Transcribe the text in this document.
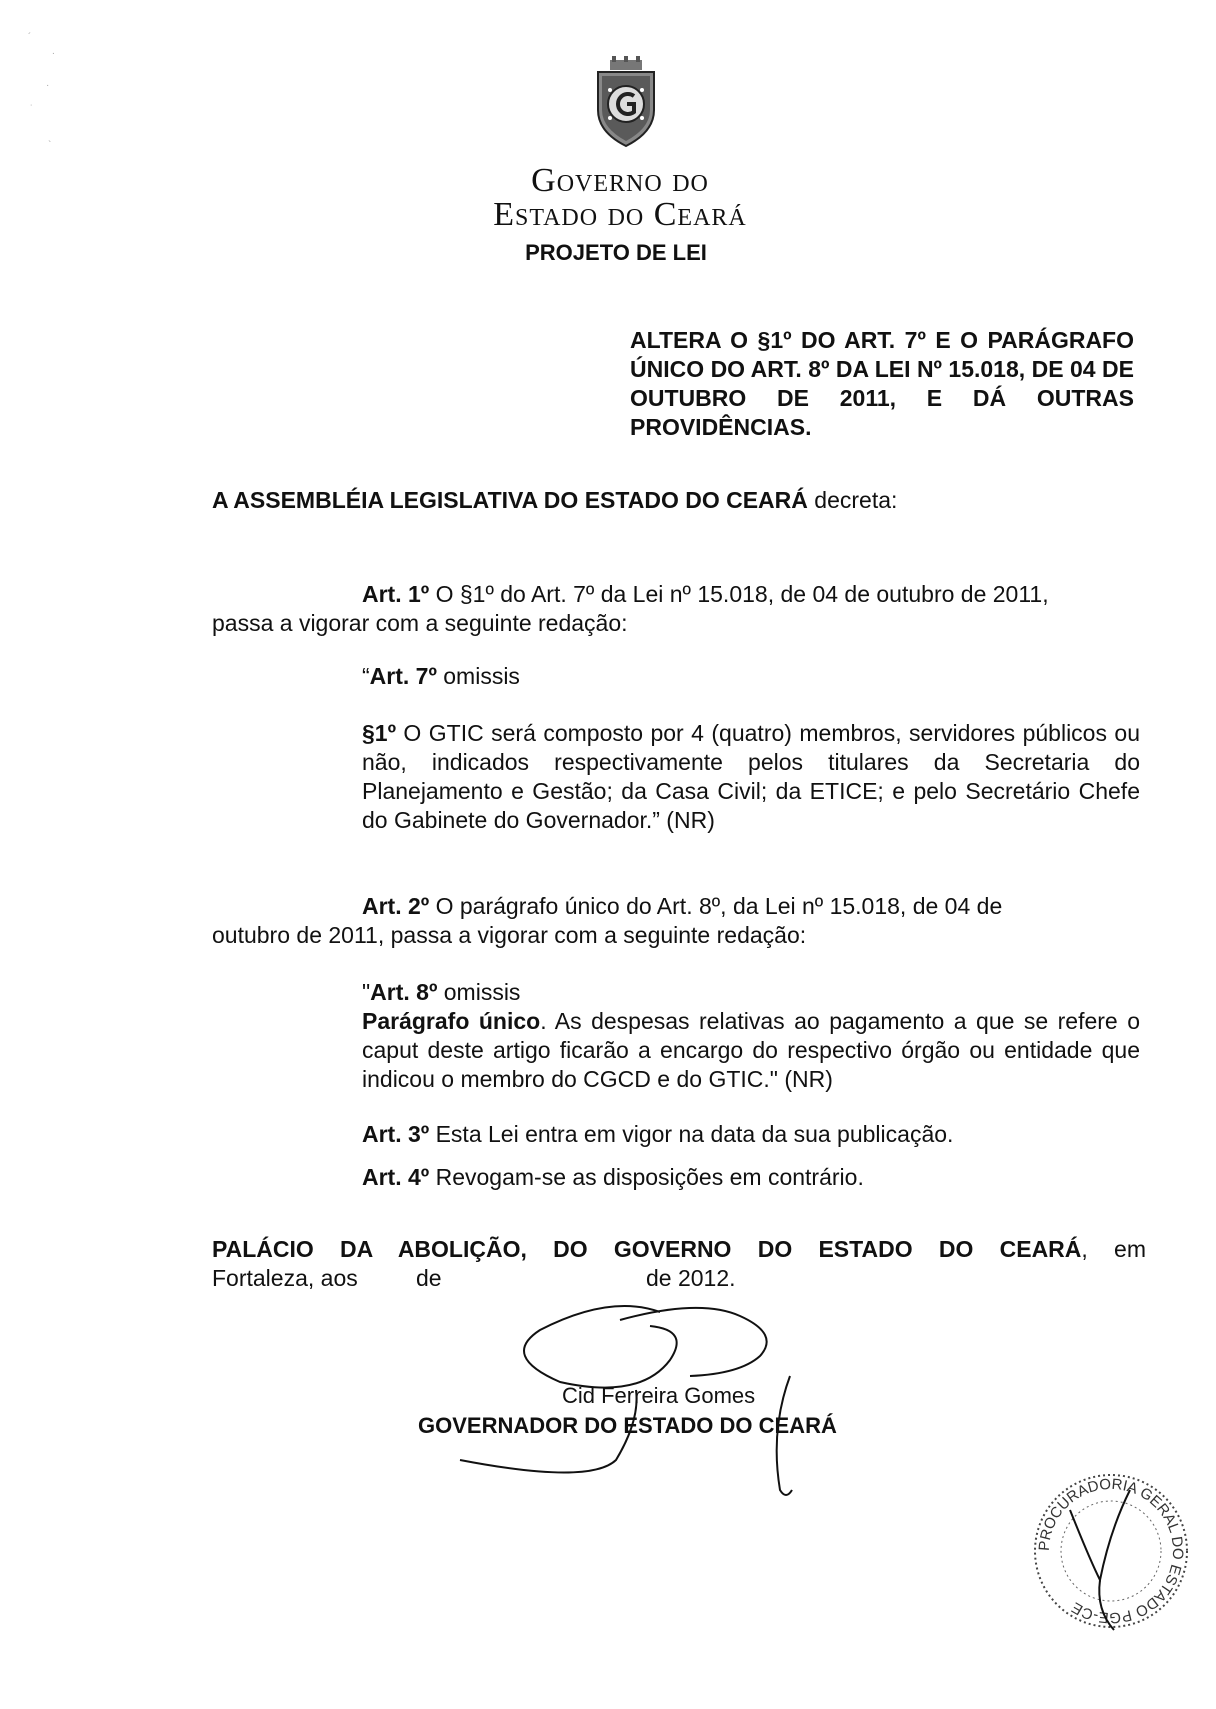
´
.
·
˙
`
Governo do
Estado do Ceará
PROJETO DE LEI
ALTERA O §1º DO ART. 7º E O PARÁGRAFO ÚNICO DO ART. 8º DA LEI Nº 15.018, DE 04 DE OUTUBRO DE 2011, E DÁ OUTRAS PROVIDÊNCIAS.
A ASSEMBLÉIA LEGISLATIVA DO ESTADO DO CEARÁ decreta:
Art. 1º O §1º do Art. 7º da Lei nº 15.018, de 04 de outubro de 2011,
passa a vigorar com a seguinte redação:
“Art. 7º omissis
§1º O GTIC será composto por 4 (quatro) membros, servidores públicos ou não, indicados respectivamente pelos titulares da Secretaria do Planejamento e Gestão; da Casa Civil; da ETICE; e pelo Secretário Chefe do Gabinete do Governador.” (NR)
Art. 2º O parágrafo único do Art. 8º, da Lei nº 15.018, de 04 de
outubro de 2011, passa a vigorar com a seguinte redação:
"Art. 8º omissis
Parágrafo único. As despesas relativas ao pagamento a que se refere o caput deste artigo ficarão a encargo do respectivo órgão ou entidade que indicou o membro do CGCD e do GTIC." (NR)
Art. 3º Esta Lei entra em vigor na data da sua publicação.
Art. 4º Revogam-se as disposições em contrário.
PALÁCIO DA ABOLIÇÃO, DO GOVERNO DO ESTADO DO CEARÁ, em
Fortaleza, aos	de	de 2012.
Cid Ferreira Gomes
GOVERNADOR DO ESTADO DO CEARÁ
PROCURADORIA GERAL DO ESTADO PGE-CE
